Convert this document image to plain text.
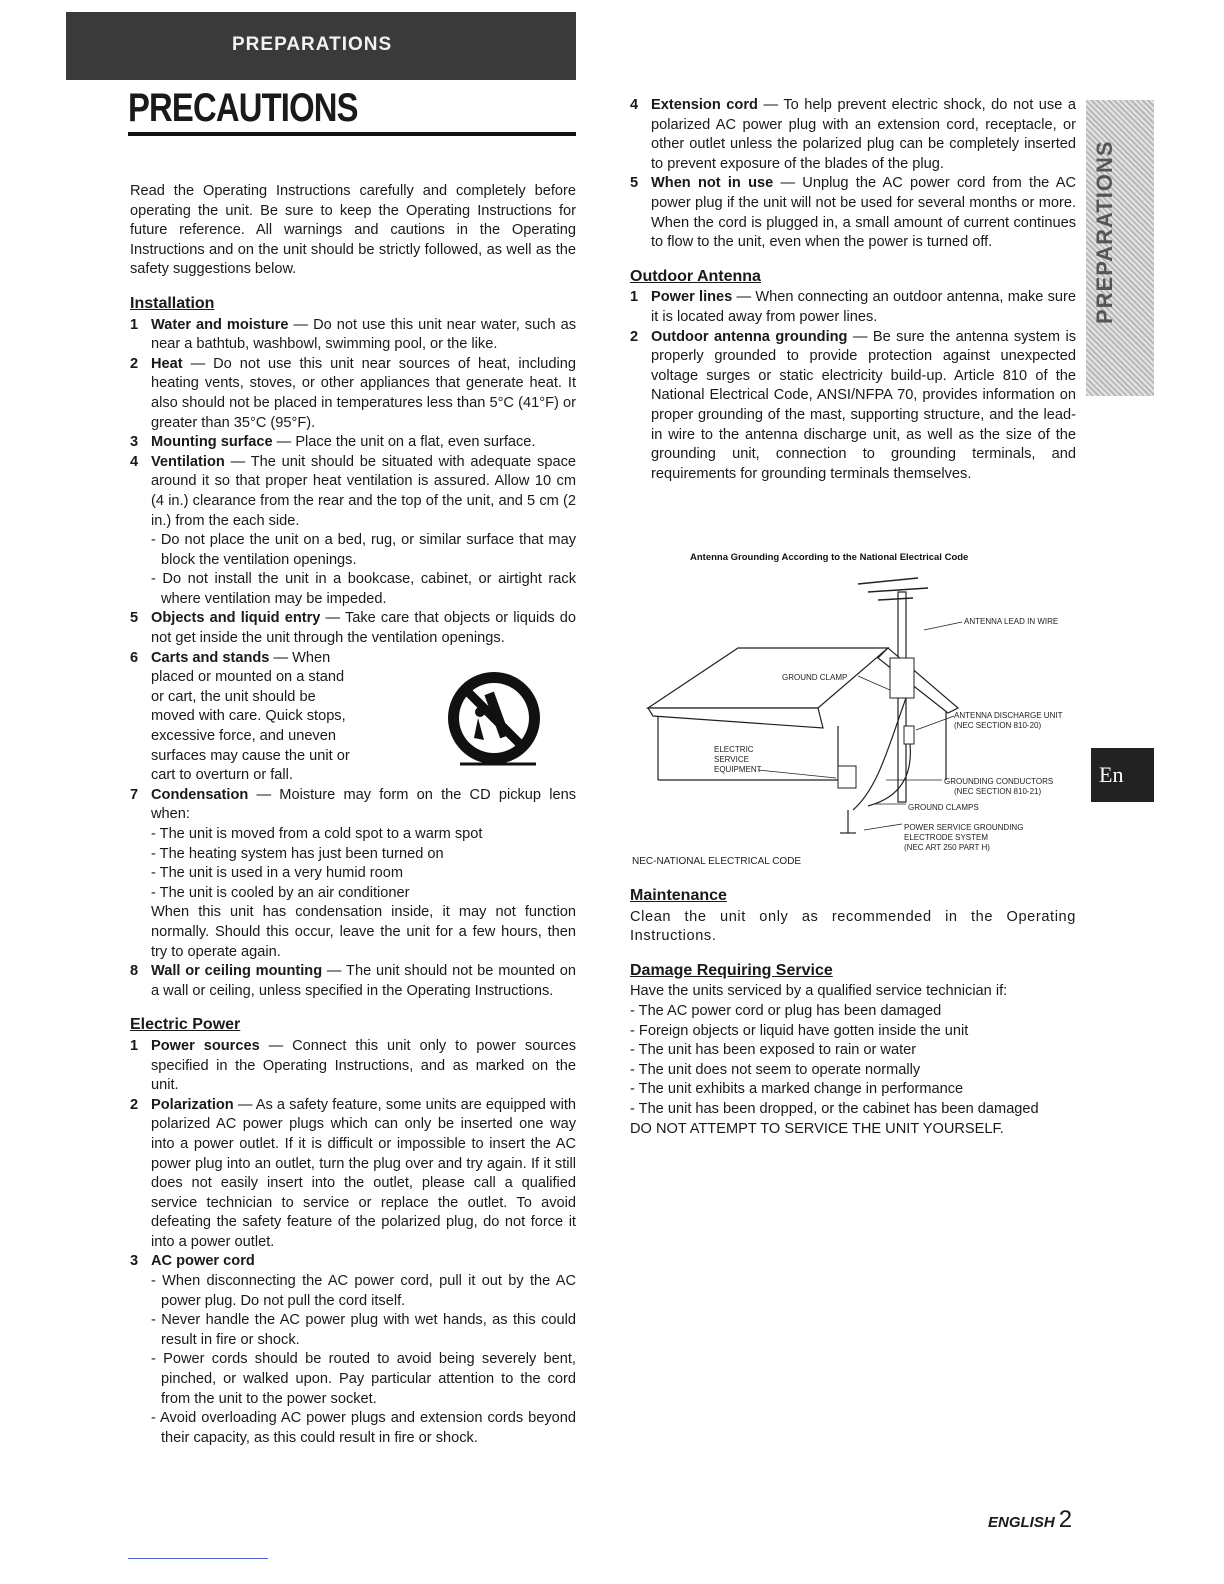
PREPARATIONS
PRECAUTIONS

Read the Operating Instructions carefully and completely before operating the unit. Be sure to keep the Operating Instructions for future reference. All warnings and cautions in the Operating Instructions and on the unit should be strictly followed, as well as the safety suggestions below.

Installation

1 Water and moisture — Do not use this unit near water, such as near a bathtub, washbowl, swimming pool, or the like.
2 Heat — Do not use this unit near sources of heat, including heating vents, stoves, or other appliances that generate heat. It also should not be placed in temperatures less than 5°C (41°F) or greater than 35°C (95°F).
3 Mounting surface — Place the unit on a flat, even surface.
4 Ventilation — The unit should be situated with adequate space around it so that proper heat ventilation is assured. Allow 10 cm (4 in.) clearance from the rear and the top of the unit, and 5 cm (2 in.) from the each side.

- Do not place the unit on a bed, rug, or similar surface that may block the ventilation openings.

- Do not install the unit in a bookcase, cabinet, or airtight rack where ventilation may be impeded.

5 Objects and liquid entry — Take care that objects or liquids do not get inside the unit through the ventilation openings.
6 Carts and stands — When placed or mounted on a stand or cart, the unit should be moved with care. Quick stops, excessive force, and uneven surfaces may cause the unit or cart to overturn or fall.
7 Condensation — Moisture may form on the CD pickup lens when:

- The unit is moved from a cold spot to a warm spot

- The heating system has just been turned on

- The unit is used in a very humid room

- The unit is cooled by an air conditioner

When this unit has condensation inside, it may not function normally. Should this occur, leave the unit for a few hours, then try to operate again.

8 Wall or ceiling mounting — The unit should not be mounted on a wall or ceiling, unless specified in the Operating Instructions.

Electric Power

1 Power sources — Connect this unit only to power sources specified in the Operating Instructions, and as marked on the unit.
2 Polarization — As a safety feature, some units are equipped with polarized AC power plugs which can only be inserted one way into a power outlet. If it is difficult or impossible to insert the AC power plug into an outlet, turn the plug over and try again. If it still does not easily insert into the outlet, please call a qualified service technician to service or replace the outlet. To avoid defeating the safety feature of the polarized plug, do not force it into a power outlet.
3 AC power cord

- When disconnecting the AC power cord, pull it out by the AC power plug. Do not pull the cord itself.

- Never handle the AC power plug with wet hands, as this could result in fire or shock.

- Power cords should be routed to avoid being severely bent, pinched, or walked upon. Pay particular attention to the cord from the unit to the power socket.

- Avoid overloading AC power plugs and extension cords beyond their capacity, as this could result in fire or shock.

4 Extension cord — To help prevent electric shock, do not use a polarized AC power plug with an extension cord, receptacle, or other outlet unless the polarized plug can be completely inserted to prevent exposure of the blades of the plug.
5 When not in use — Unplug the AC power cord from the AC power plug if the unit will not be used for several months or more. When the cord is plugged in, a small amount of current continues to flow to the unit, even when the power is turned off.

Outdoor Antenna

1 Power lines — When connecting an outdoor antenna, make sure it is located away from power lines.
2 Outdoor antenna grounding — Be sure the antenna system is properly grounded to provide protection against unexpected voltage surges or static electricity build-up. Article 810 of the National Electrical Code, ANSI/NFPA 70, provides information on proper grounding of the mast, supporting structure, and the lead-in wire to the antenna discharge unit, as well as the size of the grounding unit, connection to grounding terminals, and requirements for grounding terminals themselves.
Antenna Grounding According to the National Electrical Code
ANTENNA LEAD IN WIRE
GROUND CLAMP
ANTENNA DISCHARGE UNIT
(NEC SECTION 810-20)
ELECTRIC
SERVICE
EQUIPMENT
GROUNDING CONDUCTORS
(NEC SECTION 810-21)
GROUND CLAMPS
POWER SERVICE GROUNDING
ELECTRODE SYSTEM
(NEC ART 250 PART H)
NEC-NATIONAL ELECTRICAL CODE

Maintenance

Clean the unit only as recommended in the Operating Instructions.

Damage Requiring Service

Have the units serviced by a qualified service technician if:

- The AC power cord or plug has been damaged

- Foreign objects or liquid have gotten inside the unit

- The unit has been exposed to rain or water

- The unit does not seem to operate normally

- The unit exhibits a marked change in performance

- The unit has been dropped, or the cabinet has been damaged

DO NOT ATTEMPT TO SERVICE THE UNIT YOURSELF.

PREPARATIONS
En
ENGLISH 2
